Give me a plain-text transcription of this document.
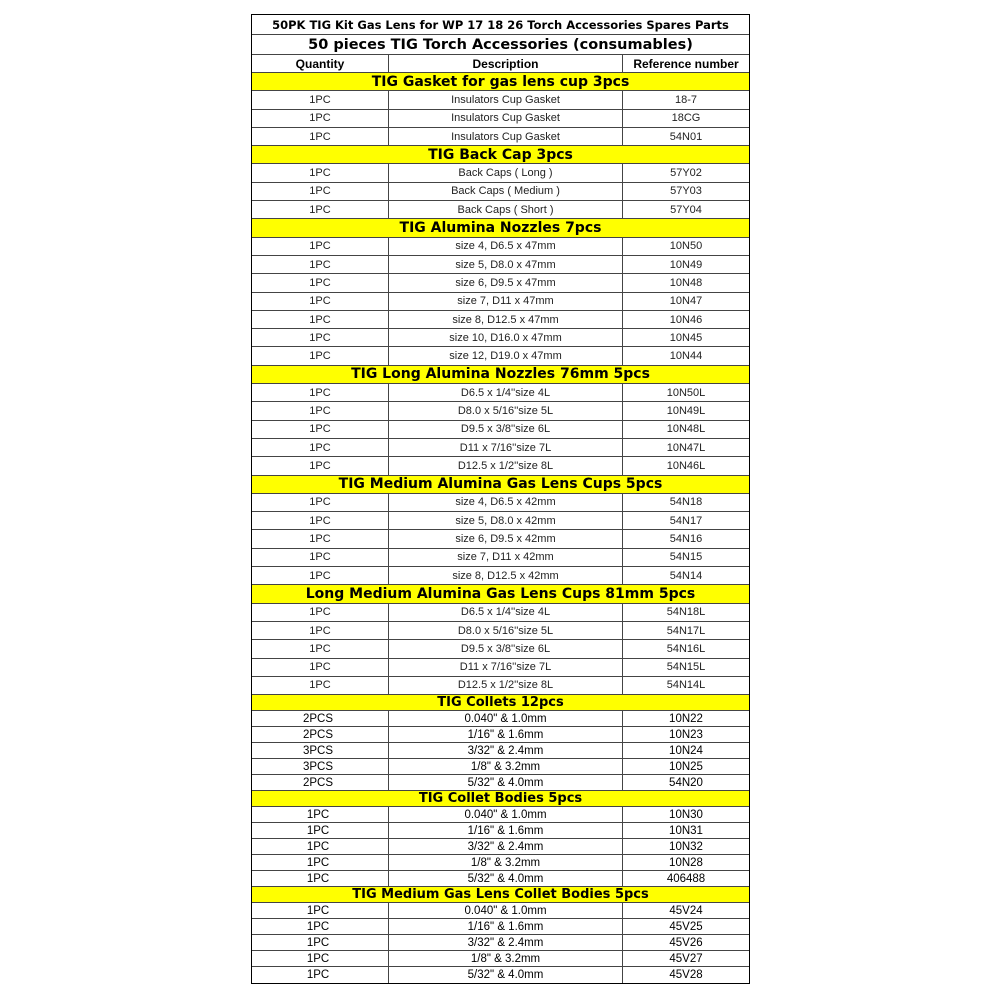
50PK TIG Kit Gas Lens for WP 17 18 26 Torch Accessories Spares Parts
50 pieces TIG Torch Accessories (consumables)
Quantity	Description	Reference number
TIG Gasket for gas lens cup 3pcs
1PC	Insulators Cup Gasket	18-7
1PC	Insulators Cup Gasket	18CG
1PC	Insulators Cup Gasket	54N01
TIG Back Cap 3pcs
1PC	Back Caps ( Long )	57Y02
1PC	Back Caps ( Medium )	57Y03
1PC	Back Caps ( Short )	57Y04
TIG Alumina Nozzles 7pcs
1PC	size 4, D6.5 x 47mm	10N50
1PC	size 5, D8.0 x 47mm	10N49
1PC	size 6, D9.5 x 47mm	10N48
1PC	size 7, D11 x 47mm	10N47
1PC	size 8, D12.5 x 47mm	10N46
1PC	size 10, D16.0 x 47mm	10N45
1PC	size 12, D19.0 x 47mm	10N44
TIG Long Alumina Nozzles 76mm 5pcs
1PC	D6.5 x 1/4''size 4L	10N50L
1PC	D8.0 x 5/16''size 5L	10N49L
1PC	D9.5 x 3/8''size 6L	10N48L
1PC	D11 x 7/16''size 7L	10N47L
1PC	D12.5 x 1/2''size 8L	10N46L
TIG Medium Alumina Gas Lens Cups 5pcs
1PC	size 4, D6.5 x 42mm	54N18
1PC	size 5, D8.0 x 42mm	54N17
1PC	size 6, D9.5 x 42mm	54N16
1PC	size 7, D11 x 42mm	54N15
1PC	size 8, D12.5 x 42mm	54N14
Long Medium Alumina Gas Lens Cups 81mm 5pcs
1PC	D6.5 x 1/4''size 4L	54N18L
1PC	D8.0 x 5/16''size 5L	54N17L
1PC	D9.5 x 3/8''size 6L	54N16L
1PC	D11 x 7/16''size 7L	54N15L
1PC	D12.5 x 1/2''size 8L	54N14L
TIG Collets 12pcs
2PCS	0.040" & 1.0mm	10N22
2PCS	1/16" & 1.6mm	10N23
3PCS	3/32" & 2.4mm	10N24
3PCS	1/8" & 3.2mm	10N25
2PCS	5/32" & 4.0mm	54N20
TIG Collet Bodies 5pcs
1PC	0.040" & 1.0mm	10N30
1PC	1/16" & 1.6mm	10N31
1PC	3/32" & 2.4mm	10N32
1PC	1/8" & 3.2mm	10N28
1PC	5/32" & 4.0mm	406488
TIG Medium Gas Lens Collet Bodies 5pcs
1PC	0.040" & 1.0mm	45V24
1PC	1/16" & 1.6mm	45V25
1PC	3/32" & 2.4mm	45V26
1PC	1/8" & 3.2mm	45V27
1PC	5/32" & 4.0mm	45V28
